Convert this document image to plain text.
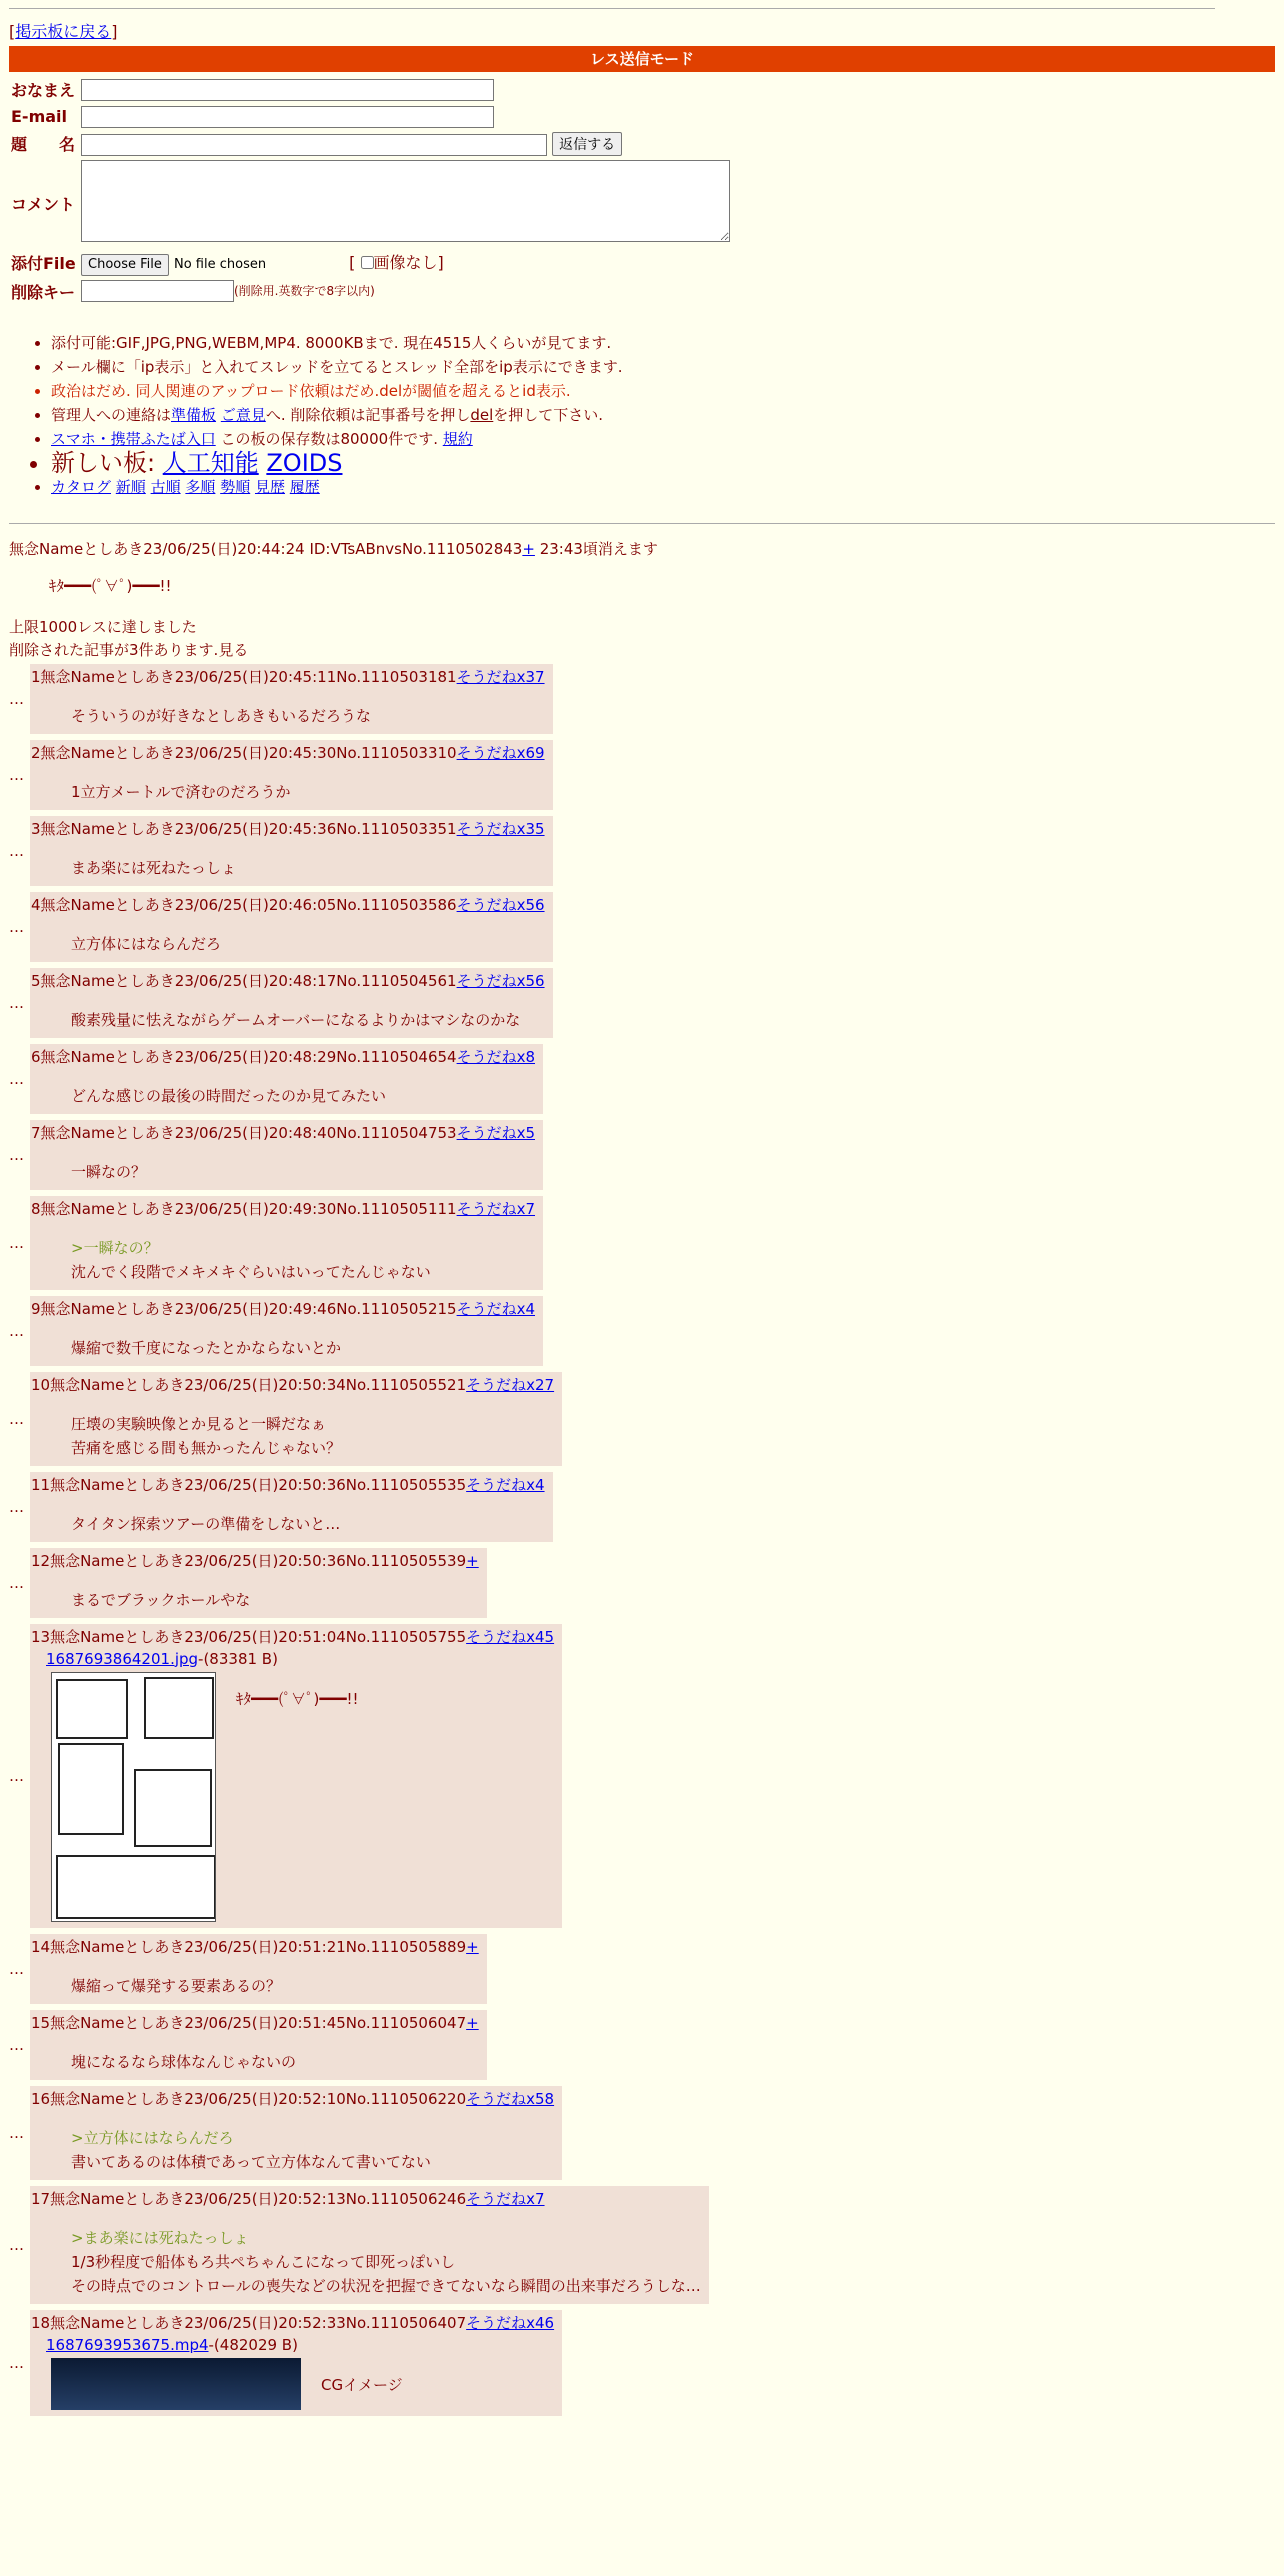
[掲示板に戻る]
レス送信モード
おなまえ	
E-mail	
題　　名	返信する
コメント	
添付File	Choose File No file chosen [ 画像なし]
削除キー	(削除用.英数字で8字以内)
• 添付可能:GIF,JPG,PNG,WEBM,MP4. 8000KBまで. 現在4515人くらいが見てます.
• メール欄に「ip表示」と入れてスレッドを立てるとスレッド全部をip表示にできます.
• 政治はだめ. 同人関連のアップロード依頼はだめ.delが閾値を超えるとid表示.
• 管理人への連絡は準備板 ご意見へ. 削除依頼は記事番号を押しdelを押して下さい.
• スマホ・携帯ふたば入口 この板の保存数は80000件です. 規約
• 新しい板: 人工知能 ZOIDS
• カタログ 新順 古順 多順 勢順 見歴 履歴
無念Nameとしあき23/06/25(日)20:44:24 ID:VTsABnvsNo.1110502843+ 23:43頃消えます
ｷﾀ━━━(ﾟ∀ﾟ)━━━!!
上限1000レスに達しました
削除された記事が3件あります.見る
…
1無念Nameとしあき23/06/25(日)20:45:11No.1110503181そうだねx37
そういうのが好きなとしあきもいるだろうな
…
2無念Nameとしあき23/06/25(日)20:45:30No.1110503310そうだねx69
1立方メートルで済むのだろうか
…
3無念Nameとしあき23/06/25(日)20:45:36No.1110503351そうだねx35
まあ楽には死ねたっしょ
…
4無念Nameとしあき23/06/25(日)20:46:05No.1110503586そうだねx56
立方体にはならんだろ
…
5無念Nameとしあき23/06/25(日)20:48:17No.1110504561そうだねx56
酸素残量に怯えながらゲームオーバーになるよりかはマシなのかな
…
6無念Nameとしあき23/06/25(日)20:48:29No.1110504654そうだねx8
どんな感じの最後の時間だったのか見てみたい
…
7無念Nameとしあき23/06/25(日)20:48:40No.1110504753そうだねx5
一瞬なの？
…
8無念Nameとしあき23/06/25(日)20:49:30No.1110505111そうだねx7
>一瞬なの？
沈んでく段階でメキメキぐらいはいってたんじゃない
…
9無念Nameとしあき23/06/25(日)20:49:46No.1110505215そうだねx4
爆縮で数千度になったとかならないとか
…
10無念Nameとしあき23/06/25(日)20:50:34No.1110505521そうだねx27
圧壊の実験映像とか見ると一瞬だなぁ
苦痛を感じる間も無かったんじゃない？
…
11無念Nameとしあき23/06/25(日)20:50:36No.1110505535そうだねx4
タイタン探索ツアーの準備をしないと…
…
12無念Nameとしあき23/06/25(日)20:50:36No.1110505539+
まるでブラックホールやな
…
13無念Nameとしあき23/06/25(日)20:51:04No.1110505755そうだねx45
1687693864201.jpg-(83381 B)
ｷﾀ━━━(ﾟ∀ﾟ)━━━!!
…
14無念Nameとしあき23/06/25(日)20:51:21No.1110505889+
爆縮って爆発する要素あるの？
…
15無念Nameとしあき23/06/25(日)20:51:45No.1110506047+
塊になるなら球体なんじゃないの
…
16無念Nameとしあき23/06/25(日)20:52:10No.1110506220そうだねx58
>立方体にはならんだろ
書いてあるのは体積であって立方体なんて書いてない
…
17無念Nameとしあき23/06/25(日)20:52:13No.1110506246そうだねx7
>まあ楽には死ねたっしょ
1/3秒程度で船体もろ共ぺちゃんこになって即死っぽいし
その時点でのコントロールの喪失などの状況を把握できてないなら瞬間の出来事だろうしな…
…
18無念Nameとしあき23/06/25(日)20:52:33No.1110506407そうだねx46
1687693953675.mp4-(482029 B)
CGイメージ
